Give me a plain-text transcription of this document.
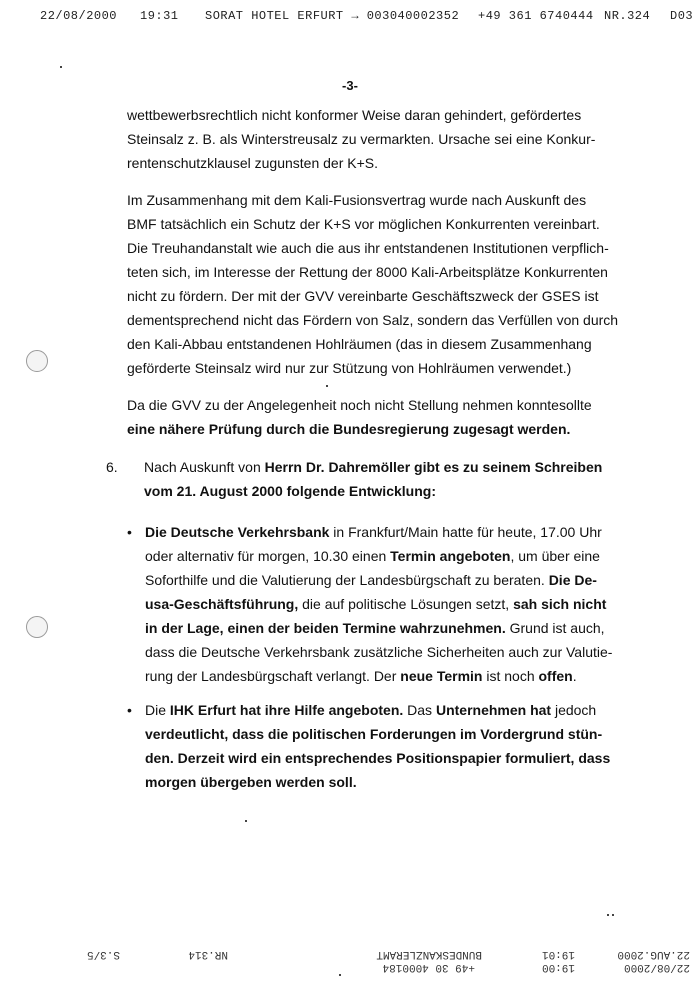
22/08/2000 19:31 SORAT HOTEL ERFURT → 003040002352 +49 361 6740444 NR.324 D03
-3-

wettbewerbsrechtlich nicht konformer Weise daran gehindert, gefördertes
Steinsalz z. B. als Winterstreusalz zu vermarkten. Ursache sei eine Konkur-
rentenschutzklausel zugunsten der K+S.

Im Zusammenhang mit dem Kali-Fusionsvertrag wurde nach Auskunft des
BMF tatsächlich ein Schutz der K+S vor möglichen Konkurrenten vereinbart.
Die Treuhandanstalt wie auch die aus ihr entstandenen Institutionen verpflich-
teten sich, im Interesse der Rettung der 8000 Kali-Arbeitsplätze Konkurrenten
nicht zu fördern. Der mit der GVV vereinbarte Geschäftszweck der GSES ist
dementsprechend nicht das Fördern von Salz, sondern das Verfüllen von durch
den Kali-Abbau entstandenen Hohlräumen (das in diesem Zusammenhang
geförderte Steinsalz wird nur zur Stützung von Hohlräumen verwendet.)

Da die GVV zu der Angelegenheit noch nicht Stellung nehmen konntesollte
eine nähere Prüfung durch die Bundesregierung zugesagt werden.

6.	Nach Auskunft von Herrn Dr. Dahremöller gibt es zu seinem Schreiben
vom 21. August 2000 folgende Entwicklung:

• Die Deutsche Verkehrsbank in Frankfurt/Main hatte für heute, 17.00 Uhr
oder alternativ für morgen, 10.30 einen Termin angeboten, um über eine
Soforthilfe und die Valutierung der Landesbürgschaft zu beraten. Die De-
usa-Geschäftsführung, die auf politische Lösungen setzt, sah sich nicht
in der Lage, einen der beiden Termine wahrzunehmen. Grund ist auch,
dass die Deutsche Verkehrsbank zusätzliche Sicherheiten auch zur Valutie-
rung der Landesbürgschaft verlangt. Der neue Termin ist noch offen.

• Die IHK Erfurt hat ihre Hilfe angeboten. Das Unternehmen hat jedoch
verdeutlicht, dass die politischen Forderungen im Vordergrund stün-
den. Derzeit wird ein entsprechendes Positionspapier formuliert, dass
morgen übergeben werden soll.

S.3/5	NR.314	BUNDESKANZLERAMT
+49 30 4000184
19:01
19:00
22.AUG.2000
22/08/2000
